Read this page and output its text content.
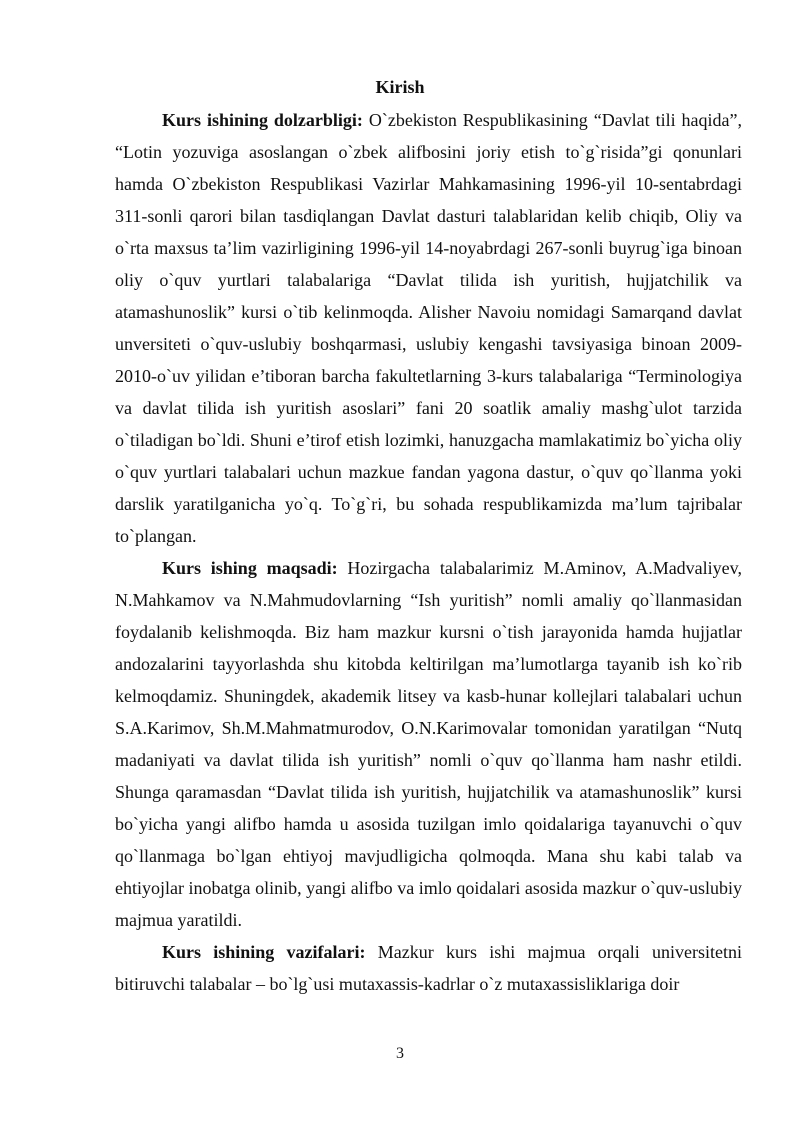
Kirish

Kurs ishining dolzarbligi: O`zbekiston Respublikasining “Davlat tili haqida”, “Lotin yozuviga asoslangan o`zbek alifbosini joriy etish to`g`risida”gi qonunlari hamda O`zbekiston Respublikasi Vazirlar Mahkamasining 1996-yil 10-sentabrdagi 311-sonli qarori bilan tasdiqlangan Davlat dasturi talablaridan kelib chiqib, Oliy va o`rta maxsus ta’lim vazirligining 1996-yil 14-noyabrdagi 267-sonli buyrug`iga binoan oliy o`quv yurtlari talabalariga “Davlat tilida ish yuritish, hujjatchilik va atamashunoslik” kursi o`tib kelinmoqda. Alisher Navoiu nomidagi Samarqand davlat unversiteti o`quv-uslubiy boshqarmasi, uslubiy kengashi tavsiyasiga binoan 2009-2010-o`uv yilidan e’tiboran barcha fakultetlarning 3-kurs talabalariga “Terminologiya va davlat tilida ish yuritish asoslari” fani 20 soatlik amaliy mashg`ulot tarzida o`tiladigan bo`ldi. Shuni e’tirof etish lozimki, hanuzgacha mamlakatimiz bo`yicha oliy o`quv yurtlari talabalari uchun mazkue fandan yagona dastur, o`quv qo`llanma yoki darslik yaratilganicha yo`q. To`g`ri, bu sohada respublikamizda ma’lum tajribalar to`plangan.

Kurs ishing maqsadi: Hozirgacha talabalarimiz M.Aminov, A.Madvaliyev, N.Mahkamov va N.Mahmudovlarning “Ish yuritish” nomli amaliy qo`llanmasidan foydalanib kelishmoqda. Biz ham mazkur kursni o`tish jarayonida hamda hujjatlar andozalarini tayyorlashda shu kitobda keltirilgan ma’lumotlarga tayanib ish ko`rib kelmoqdamiz. Shuningdek, akademik litsey va kasb-hunar kollejlari talabalari uchun S.A.Karimov, Sh.M.Mahmatmurodov, O.N.Karimovalar tomonidan yaratilgan “Nutq madaniyati va davlat tilida ish yuritish” nomli o`quv qo`llanma ham nashr etildi. Shunga qaramasdan “Davlat tilida ish yuritish, hujjatchilik va atamashunoslik” kursi bo`yicha yangi alifbo hamda u asosida tuzilgan imlo qoidalariga tayanuvchi o`quv qo`llanmaga bo`lgan ehtiyoj mavjudligicha qolmoqda. Mana shu kabi talab va ehtiyojlar inobatga olinib, yangi alifbo va imlo qoidalari asosida mazkur o`quv-uslubiy majmua yaratildi.

Kurs ishining vazifalari: Mazkur kurs ishi majmua orqali universitetni bitiruvchi talabalar – bo`lg`usi mutaxassis-kadrlar o`z mutaxassisliklariga doir

3
